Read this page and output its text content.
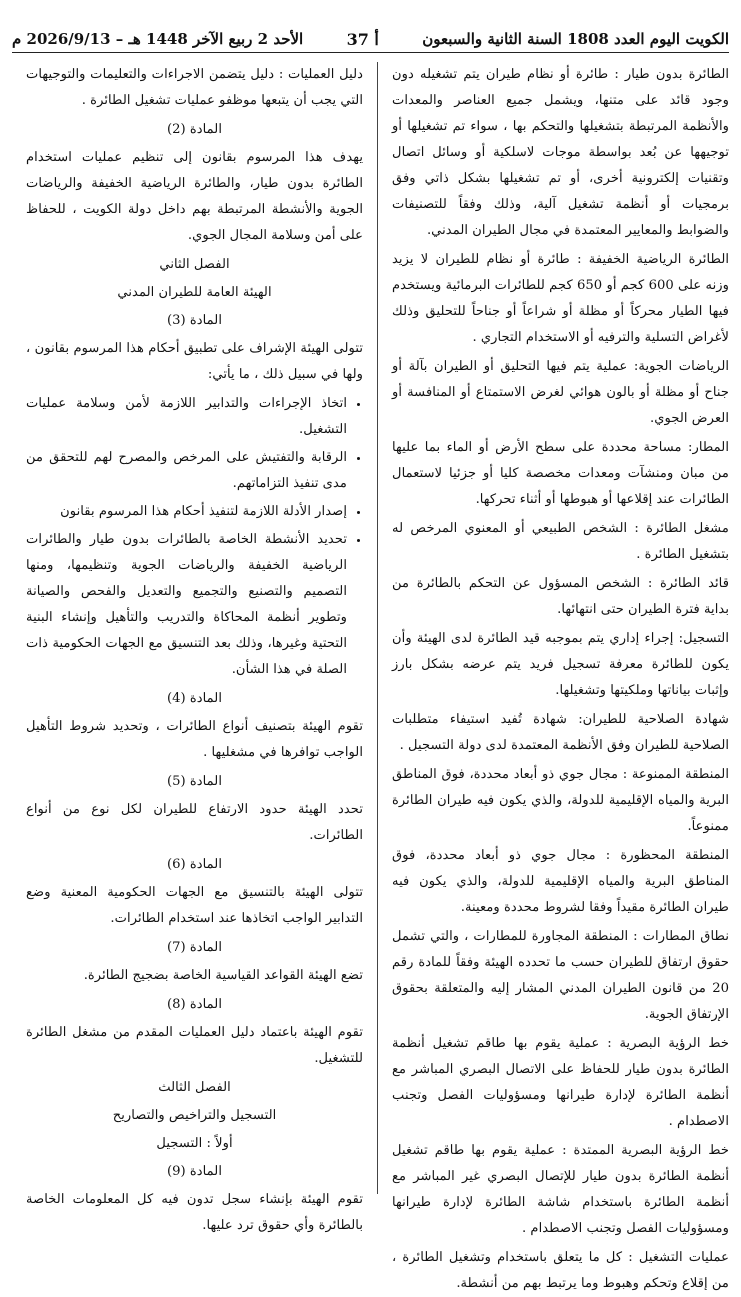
الكويت اليوم العدد 1808 السنة الثانية والسبعون
أ 37
الأحد 2 ربيع الآخر 1448 هـ – 2026/9/13 م

الطائرة بدون طيار : طائرة أو نظام طيران يتم تشغيله دون وجود قائد على متنها، ويشمل جميع العناصر والمعدات والأنظمة المرتبطة بتشغيلها والتحكم بها ، سواء تم تشغيلها أو توجيهها عن بُعد بواسطة موجات لاسلكية أو وسائل اتصال وتقنيات إلكترونية أخرى، أو تم تشغيلها بشكل ذاتي وفق برمجيات أو أنظمة تشغيل آلية، وذلك وفقاً للتصنيفات والضوابط والمعايير المعتمدة في مجال الطيران المدني.

الطائرة الرياضية الخفيفة : طائرة أو نظام للطيران لا يزيد وزنه على 600 كجم أو 650 كجم للطائرات البرمائية ويستخدم فيها الطيار محركاً أو مظلة أو شراعاً أو جناحاً للتحليق وذلك لأغراض التسلية والترفيه أو الاستخدام التجاري .

الرياضات الجوية: عملية يتم فيها التحليق أو الطيران بآلة أو جناح أو مظلة أو بالون هوائي لغرض الاستمتاع أو المنافسة أو العرض الجوي.

المطار: مساحة محددة على سطح الأرض أو الماء بما عليها من مبان ومنشآت ومعدات مخصصة كليا أو جزئيا لاستعمال الطائرات عند إقلاعها أو هبوطها أو أثناء تحركها.

مشغل الطائرة : الشخص الطبيعي أو المعنوي المرخص له بتشغيل الطائرة .

قائد الطائرة : الشخص المسؤول عن التحكم بالطائرة من بداية فترة الطيران حتى انتهائها.

التسجيل: إجراء إداري يتم بموجبه قيد الطائرة لدى الهيئة وأن يكون للطائرة معرفة تسجيل فريد يتم عرضه بشكل بارز وإثبات بياناتها وملكيتها وتشغيلها.

شهادة الصلاحية للطيران: شهادة تُفيد استيفاء متطلبات الصلاحية للطيران وفق الأنظمة المعتمدة لدى دولة التسجيل .

المنطقة الممنوعة : مجال جوي ذو أبعاد محددة، فوق المناطق البرية والمياه الإقليمية للدولة، والذي يكون فيه طيران الطائرة ممنوعاً.

المنطقة المحظورة : مجال جوي ذو أبعاد محددة، فوق المناطق البرية والمياه الإقليمية للدولة، والذي يكون فيه طيران الطائرة مقيداً وفقا لشروط محددة ومعينة.

نطاق المطارات : المنطقة المجاورة للمطارات ، والتي تشمل حقوق ارتفاق للطيران حسب ما تحدده الهيئة وفقاً للمادة رقم 20 من قانون الطيران المدني المشار إليه والمتعلقة بحقوق الإرتفاق الجوية.

خط الرؤية البصرية : عملية يقوم بها طاقم تشغيل أنظمة الطائرة بدون طيار للحفاظ على الاتصال البصري المباشر مع أنظمة الطائرة لإدارة طيرانها ومسؤوليات الفصل وتجنب الاصطدام .

خط الرؤية البصرية الممتدة : عملية يقوم بها طاقم تشغيل أنظمة الطائرة بدون طيار للإتصال البصري غير المباشر مع أنظمة الطائرة باستخدام شاشة الطائرة لإدارة طيرانها ومسؤوليات الفصل وتجنب الاصطدام .

عمليات التشغيل : كل ما يتعلق باستخدام وتشغيل الطائرة ، من إقلاع وتحكم وهبوط وما يرتبط بهم من أنشطة.

دليل العمليات : دليل يتضمن الاجراءات والتعليمات والتوجيهات التي يجب أن يتبعها موظفو عمليات تشغيل الطائرة .

المادة (2)

يهدف هذا المرسوم بقانون إلى تنظيم عمليات استخدام الطائرة بدون طيار، والطائرة الرياضية الخفيفة والرياضات الجوية والأنشطة المرتبطة بهم داخل دولة الكويت ، للحفاظ على أمن وسلامة المجال الجوي.

الفصل الثاني
الهيئة العامة للطيران المدني
المادة (3)

تتولى الهيئة الإشراف على تطبيق أحكام هذا المرسوم بقانون ، ولها في سبيل ذلك ، ما يأتي:

• اتخاذ الإجراءات والتدابير اللازمة لأمن وسلامة عمليات التشغيل.
• الرقابة والتفتيش على المرخص والمصرح لهم للتحقق من مدى تنفيذ التزاماتهم.
• إصدار الأدلة اللازمة لتنفيذ أحكام هذا المرسوم بقانون
• تحديد الأنشطة الخاصة بالطائرات بدون طيار والطائرات الرياضية الخفيفة والرياضات الجوية وتنظيمها، ومنها التصميم والتصنيع والتجميع والتعديل والفحص والصيانة وتطوير أنظمة المحاكاة والتدريب والتأهيل وإنشاء البنية التحتية وغيرها، وذلك بعد التنسيق مع الجهات الحكومية ذات الصلة في هذا الشأن.
المادة (4)

تقوم الهيئة بتصنيف أنواع الطائرات ، وتحديد شروط التأهيل الواجب توافرها في مشغليها .

المادة (5)

تحدد الهيئة حدود الارتفاع للطيران لكل نوع من أنواع الطائرات.

المادة (6)

تتولى الهيئة بالتنسيق مع الجهات الحكومية المعنية وضع التدابير الواجب اتخاذها عند استخدام الطائرات.

المادة (7)

تضع الهيئة القواعد القياسية الخاصة بضجيج الطائرة.

المادة (8)

تقوم الهيئة باعتماد دليل العمليات المقدم من مشغل الطائرة للتشغيل.

الفصل الثالث
التسجيل والتراخيص والتصاريح
أولاً : التسجيل
المادة (9)

تقوم الهيئة بإنشاء سجل تدون فيه كل المعلومات الخاصة بالطائرة وأي حقوق ترد عليها.
